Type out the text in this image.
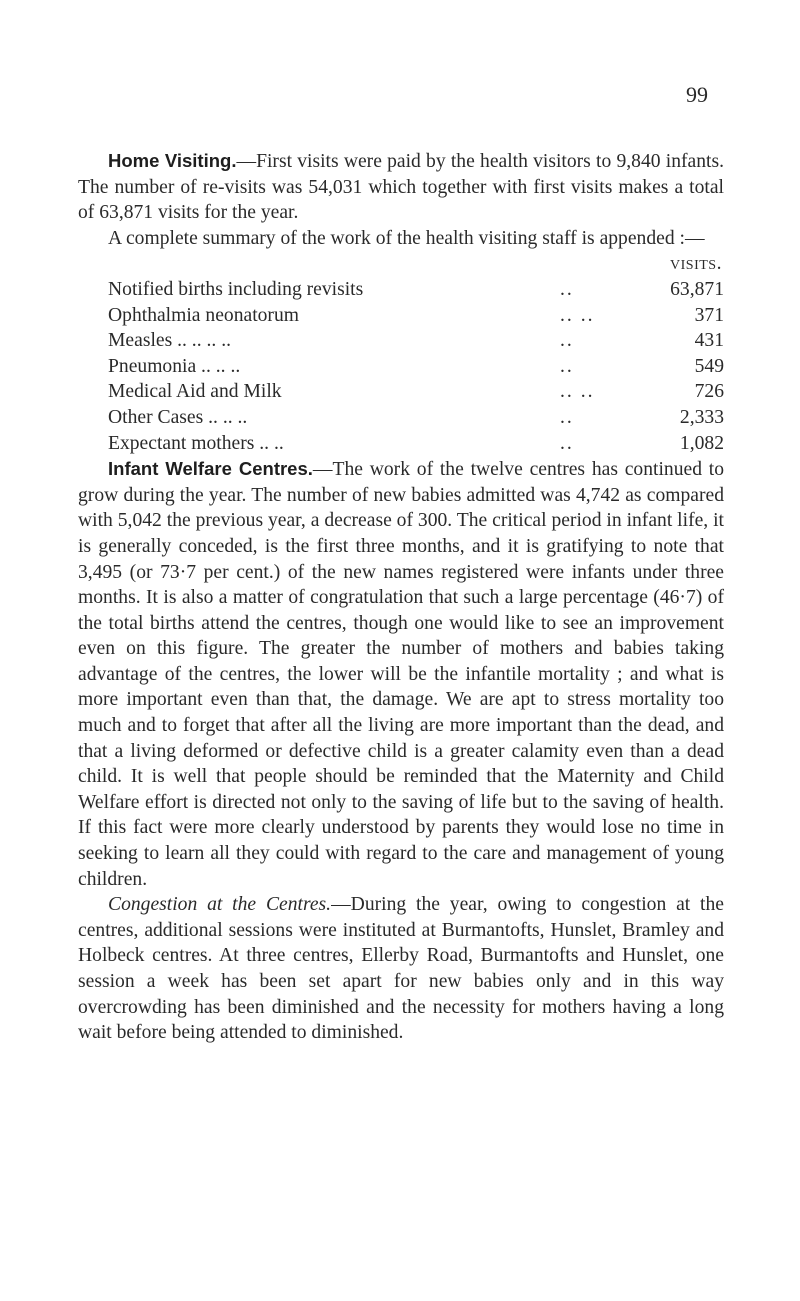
99

Home Visiting.—First visits were paid by the health visitors to 9,840 infants. The number of re-visits was 54,031 which together with first visits makes a total of 63,871 visits for the year.

A complete summary of the work of the health visiting staff is appended :—

visits.
Notified births including revisits	..	63,871
Ophthalmia neonatorum	.. ..	371
Measles .. .. .. ..	..	431
Pneumonia .. .. ..	..	549
Medical Aid and Milk	.. ..	726
Other Cases .. .. ..	..	2,333
Expectant mothers .. ..	..	1,082

Infant Welfare Centres.—The work of the twelve centres has continued to grow during the year. The number of new babies admitted was 4,742 as compared with 5,042 the previous year, a decrease of 300. The critical period in infant life, it is generally conceded, is the first three months, and it is gratifying to note that 3,495 (or 73·7 per cent.) of the new names registered were infants under three months. It is also a matter of congratulation that such a large percentage (46·7) of the total births attend the centres, though one would like to see an improvement even on this figure. The greater the number of mothers and babies taking advantage of the centres, the lower will be the infantile mortality ; and what is more important even than that, the damage. We are apt to stress mortality too much and to forget that after all the living are more important than the dead, and that a living deformed or defective child is a greater calamity even than a dead child. It is well that people should be reminded that the Maternity and Child Welfare effort is directed not only to the saving of life but to the saving of health. If this fact were more clearly understood by parents they would lose no time in seeking to learn all they could with regard to the care and management of young children.

Congestion at the Centres.—During the year, owing to congestion at the centres, additional sessions were instituted at Burmantofts, Hunslet, Bramley and Holbeck centres. At three centres, Ellerby Road, Burmantofts and Hunslet, one session a week has been set apart for new babies only and in this way overcrowding has been diminished and the necessity for mothers having a long wait before being attended to diminished.
